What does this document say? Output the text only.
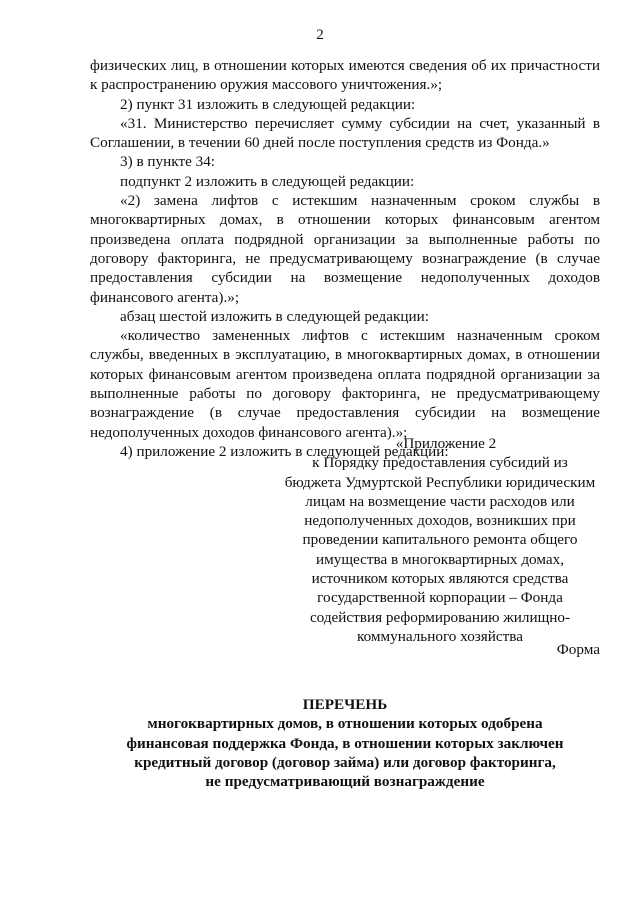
2

физических лиц, в отношении которых имеются сведения об их причастности к распространению оружия массового уничтожения.»;

2) пункт 31 изложить в следующей редакции:

«31. Министерство перечисляет сумму субсидии на счет, указанный в Соглашении, в течении 60 дней после поступления средств из Фонда.»

3) в пункте 34:

подпункт 2 изложить в следующей редакции:

«2) замена лифтов с истекшим назначенным сроком службы в многоквартирных домах, в отношении которых финансовым агентом произведена оплата подрядной организации за выполненные работы по договору факторинга, не предусматривающему вознаграждение (в случае предоставления субсидии на возмещение недополученных доходов финансового агента).»;

абзац шестой изложить в следующей редакции:

«количество замененных лифтов с истекшим назначенным сроком службы, введенных в эксплуатацию, в многоквартирных домах, в отношении которых финансовым агентом произведена оплата подрядной организации за выполненные работы по договору факторинга, не предусматривающему вознаграждение (в случае предоставления субсидии на возмещение недополученных доходов финансового агента).»;

4) приложение 2 изложить в следующей редакции:

«Приложение 2
к Порядку предоставления субсидий из
бюджета Удмуртской Республики юридическим
лицам на возмещение части расходов или
недополученных доходов, возникших при
проведении капитального ремонта общего
имущества в многоквартирных домах,
источником которых являются средства
государственной корпорации – Фонда
содействия реформированию жилищно-
коммунального хозяйства
Форма
ПЕРЕЧЕНЬ
многоквартирных домов, в отношении которых одобрена
финансовая поддержка Фонда, в отношении которых заключен
кредитный договор (договор займа) или договор факторинга,
не предусматривающий вознаграждение
